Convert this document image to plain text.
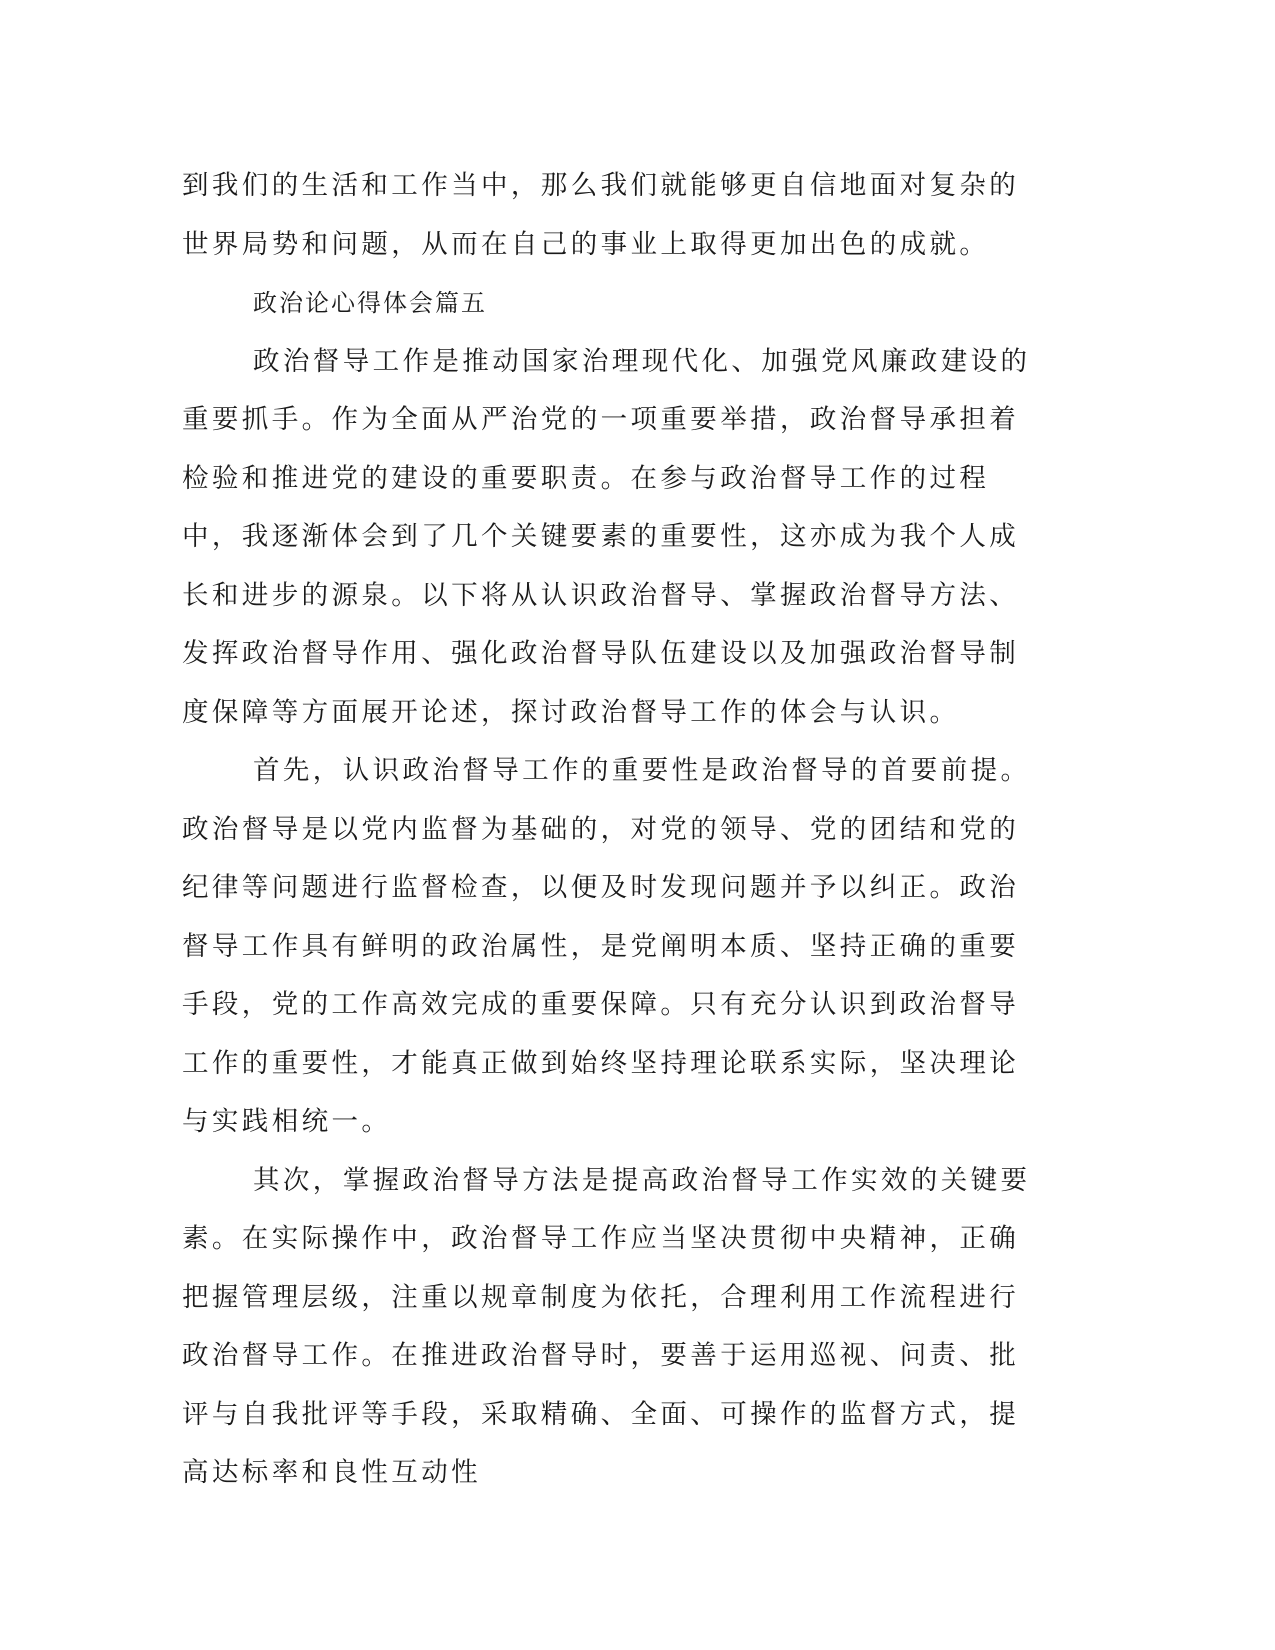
到我们的生活和工作当中，那么我们就能够更自信地面对复杂的世界局势和问题，从而在自己的事业上取得更加出色的成就。

政治论心得体会篇五

政治督导工作是推动国家治理现代化、加强党风廉政建设的重要抓手。作为全面从严治党的一项重要举措，政治督导承担着检验和推进党的建设的重要职责。在参与政治督导工作的过程中，我逐渐体会到了几个关键要素的重要性，这亦成为我个人成长和进步的源泉。以下将从认识政治督导、掌握政治督导方法、发挥政治督导作用、强化政治督导队伍建设以及加强政治督导制度保障等方面展开论述，探讨政治督导工作的体会与认识。

首先，认识政治督导工作的重要性是政治督导的首要前提。政治督导是以党内监督为基础的，对党的领导、党的团结和党的纪律等问题进行监督检查，以便及时发现问题并予以纠正。政治督导工作具有鲜明的政治属性，是党阐明本质、坚持正确的重要手段，党的工作高效完成的重要保障。只有充分认识到政治督导工作的重要性，才能真正做到始终坚持理论联系实际，坚决理论与实践相统一。

其次，掌握政治督导方法是提高政治督导工作实效的关键要素。在实际操作中，政治督导工作应当坚决贯彻中央精神，正确把握管理层级，注重以规章制度为依托，合理利用工作流程进行政治督导工作。在推进政治督导时，要善于运用巡视、问责、批评与自我批评等手段，采取精确、全面、可操作的监督方式，提高达标率和良性互动性
